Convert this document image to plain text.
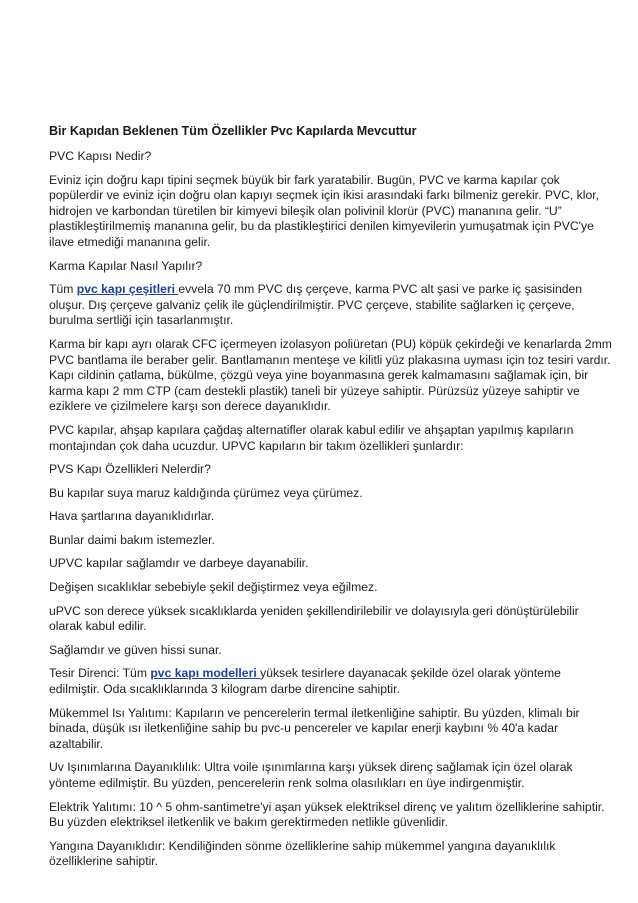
Bir Kapıdan Beklenen Tüm Özellikler Pvc Kapılarda Mevcuttur
PVC Kapısı Nedir?
Eviniz için doğru kapı tipini seçmek büyük bir fark yaratabilir. Bugün, PVC ve karma kapılar çok popülerdir ve eviniz için doğru olan kapıyı seçmek için ikisi arasındaki farkı bilmeniz gerekir. PVC, klor, hidrojen ve karbondan türetilen bir kimyevi bileşik olan polivinil klorür (PVC) mananına gelir. “U” plastikleştirilmemiş mananına gelir, bu da plastikleştirici denilen kimyevilerin yumuşatmak için PVC'ye ilave etmediği mananına gelir.
Karma Kapılar Nasıl Yapılır?
Tüm pvc kapı çeşitleri evvela 70 mm PVC dış çerçeve, karma PVC alt şasi ve parke iç şasisinden oluşur. Dış çerçeve galvaniz çelik ile güçlendirilmiştir. PVC çerçeve, stabilite sağlarken iç çerçeve, burulma sertliği için tasarlanmıştır.
Karma bir kapı ayrı olarak CFC içermeyen izolasyon poliüretan (PU) köpük çekirdeği ve kenarlarda 2mm PVC bantlama ile beraber gelir. Bantlamanın menteşe ve kilitli yüz plakasına uyması için toz tesiri vardır. Kapı cildinin çatlama, bükülme, çözgü veya yine boyanmasına gerek kalmamasını sağlamak için, bir karma kapı 2 mm CTP (cam destekli plastik) taneli bir yüzeye sahiptir. Pürüzsüz yüzeye sahiptir ve eziklere ve çizilmelere karşı son derece dayanıklıdır.
PVC kapılar, ahşap kapılara çağdaş alternatifler olarak kabul edilir ve ahşaptan yapılmış kapıların montajından çok daha ucuzdur. UPVC kapıların bir takım özellikleri şunlardır:
PVS Kapı Özellikleri Nelerdir?
Bu kapılar suya maruz kaldığında çürümez veya çürümez.
Hava şartlarına dayanıklıdırlar.
Bunlar daimi bakım istemezler.
UPVC kapılar sağlamdır ve darbeye dayanabilir.
Değişen sıcaklıklar sebebiyle şekil değiştirmez veya eğilmez.
uPVC son derece yüksek sıcaklıklarda yeniden şekillendirilebilir ve dolayısıyla geri dönüştürülebilir olarak kabul edilir.
Sağlamdır ve güven hissi sunar.
Tesir Direnci: Tüm pvc kapı modelleri yüksek tesirlere dayanacak şekilde özel olarak yönteme edilmiştir. Oda sıcaklıklarında 3 kilogram darbe direncine sahiptir.
Mükemmel Isı Yalıtımı: Kapıların ve pencerelerin termal iletkenliğine sahiptir. Bu yüzden, klimalı bir binada, düşük ısı iletkenliğine sahip bu pvc-u pencereler ve kapılar enerji kaybını % 40'a kadar azaltabilir.
Uv Işınımlarına Dayanıklılık: Ultra voile ışınımlarına karşı yüksek direnç sağlamak için özel olarak yönteme edilmiştir. Bu yüzden, pencerelerin renk solma olasılıkları en üye indirgenmiştir.
Elektrik Yalıtımı: 10 ^ 5 ohm-santimetre'yi aşan yüksek elektriksel direnç ve yalıtım özelliklerine sahiptir. Bu yüzden elektriksel iletkenlik ve bakım gerektirmeden netlikle güvenlidir.
Yangına Dayanıklıdır: Kendiliğinden sönme özelliklerine sahip mükemmel yangına dayanıklılık özelliklerine sahiptir.
